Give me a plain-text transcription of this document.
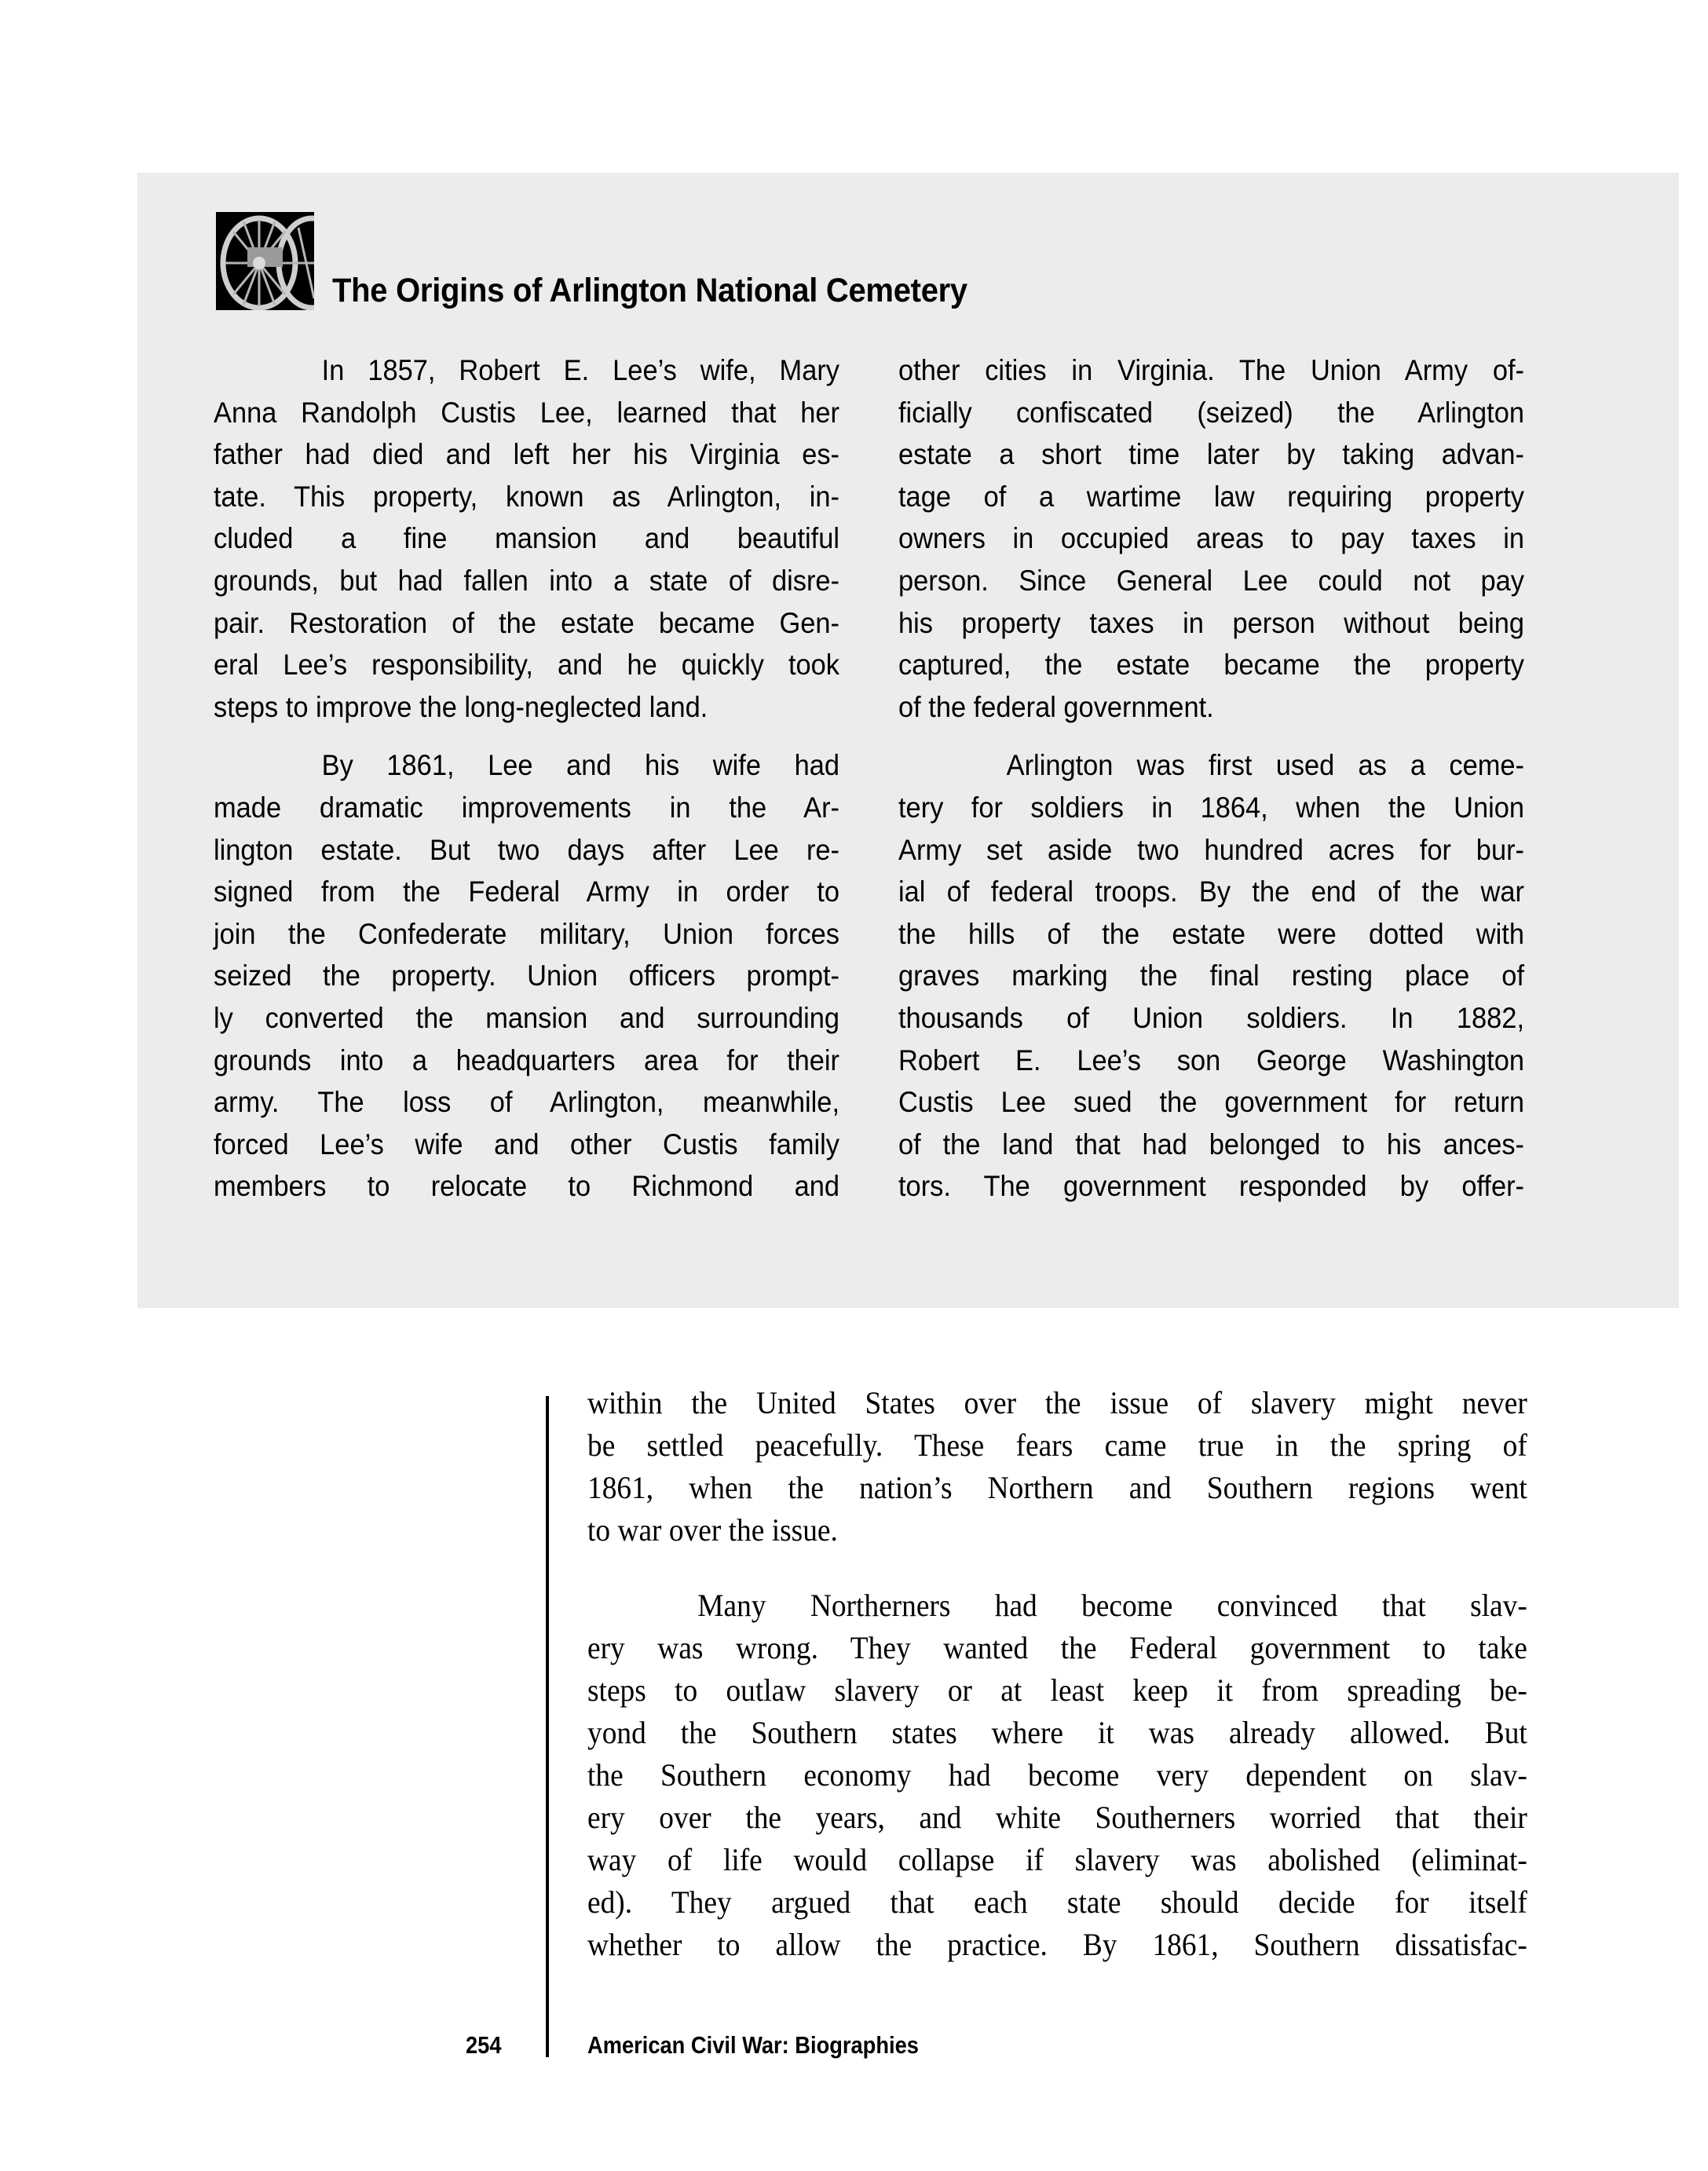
The Origins of Arlington National Cemetery
In 1857, Robert E. Lee’s wife, Mary
Anna Randolph Custis Lee, learned that her
father had died and left her his Virginia es-
tate. This property, known as Arlington, in-
cluded a fine mansion and beautiful
grounds, but had fallen into a state of disre-
pair. Restoration of the estate became Gen-
eral Lee’s responsibility, and he quickly took
steps to improve the long-neglected land.
By 1861, Lee and his wife had
made dramatic improvements in the Ar-
lington estate. But two days after Lee re-
signed from the Federal Army in order to
join the Confederate military, Union forces
seized the property. Union officers prompt-
ly converted the mansion and surrounding
grounds into a headquarters area for their
army. The loss of Arlington, meanwhile,
forced Lee’s wife and other Custis family
members to relocate to Richmond and
other cities in Virginia. The Union Army of-
ficially confiscated (seized) the Arlington
estate a short time later by taking advan-
tage of a wartime law requiring property
owners in occupied areas to pay taxes in
person. Since General Lee could not pay
his property taxes in person without being
captured, the estate became the property
of the federal government.
Arlington was first used as a ceme-
tery for soldiers in 1864, when the Union
Army set aside two hundred acres for bur-
ial of federal troops. By the end of the war
the hills of the estate were dotted with
graves marking the final resting place of
thousands of Union soldiers. In 1882,
Robert E. Lee’s son George Washington
Custis Lee sued the government for return
of the land that had belonged to his ances-
tors. The government responded by offer-
within the United States over the issue of slavery might never
be settled peacefully. These fears came true in the spring of
1861, when the nation’s Northern and Southern regions went
to war over the issue.
Many Northerners had become convinced that slav-
ery was wrong. They wanted the Federal government to take
steps to outlaw slavery or at least keep it from spreading be-
yond the Southern states where it was already allowed. But
the Southern economy had become very dependent on slav-
ery over the years, and white Southerners worried that their
way of life would collapse if slavery was abolished (eliminat-
ed). They argued that each state should decide for itself
whether to allow the practice. By 1861, Southern dissatisfac-
254	American Civil War: Biographies
